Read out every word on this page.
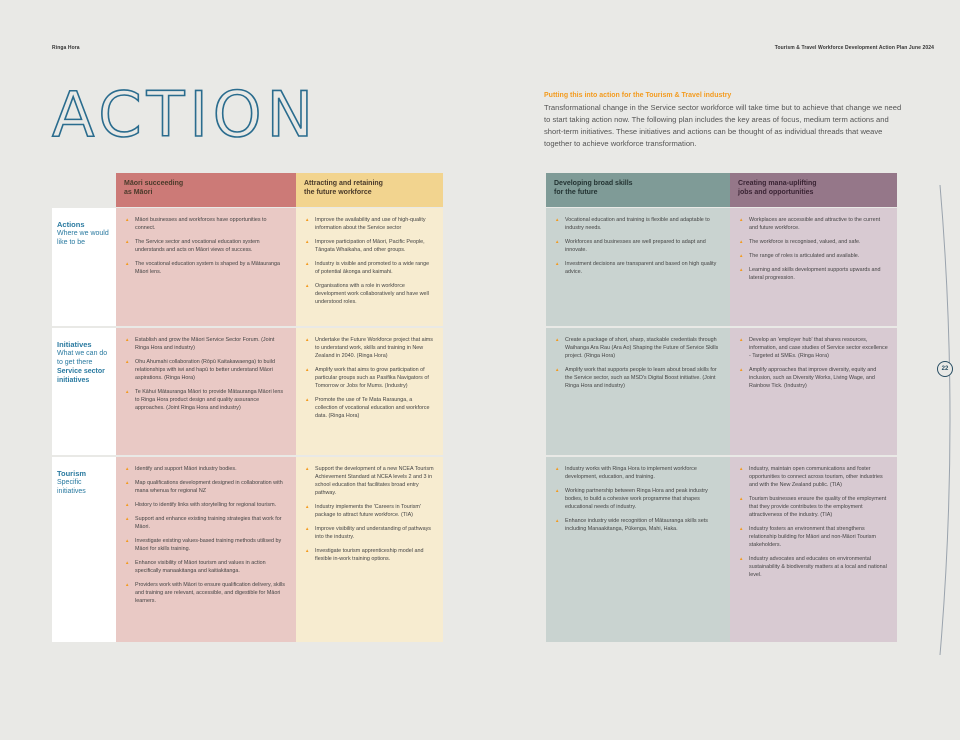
Ringa Hora	Tourism & Travel Workforce Development Action Plan June 2024
ACTION	Putting this into action for the Tourism & Travel industry

Transformational change in the Service sector workforce will take time but to achieve that change we need to start taking action now. The following plan includes the key areas of focus, medium term actions and short-term initiatives. These initiatives and actions can be thought of as individual threads that weave together to achieve workforce transformation.

22
Māori succeeding
as Māori
Attracting and retaining
the future workforce
Developing broad skills
for the future
Creating mana-uplifting
jobs and opportunities
Actions
Where we would like to be
Initiatives
What we can do to get there
Service sector initiatives
Tourism
Specific initiatives
▲ Māori businesses and workforces have opportunities to connect.
▲ The Service sector and vocational education system understands and acts on Māori views of success.
▲ The vocational education system is shaped by a Mātauranga Māori lens.
▲ Improve the availability and use of high-quality information about the Service sector
▲ Improve participation of Māori, Pacific People, Tāngata Whaikaha, and other groups.
▲ Industry is visible and promoted to a wide range of potential ākonga and kaimahi.
▲ Organisations with a role in workforce development work collaboratively and have well understood roles.
▲ Vocational education and training is flexible and adaptable to industry needs.
▲ Workforces and businesses are well prepared to adapt and innovate.
▲ Investment decisions are transparent and based on high quality advice.
▲ Workplaces are accessible and attractive to the current and future workforce.
▲ The workforce is recognised, valued, and safe.
▲ The range of roles is articulated and available.
▲ Learning and skills development supports upwards and lateral progression.
▲ Establish and grow the Māori Service Sector Forum. (Joint Ringa Hora and industry)
▲ Ohu Ahumahi collaboration (Rōpū Kaitakawaenga) to build relationships with iwi and hapū to better understand Māori aspirations. (Ringa Hora)
▲ Te Kāhui Mātauranga Māori to provide Mātauranga Māori lens to Ringa Hora product design and quality assurance approaches. (Joint Ringa Hora and industry)
▲ Undertake the Future Workforce project that aims to understand work, skills and training in New Zealand in 2040. (Ringa Hora)
▲ Amplify work that aims to grow participation of particular groups such as Pasifika Navigators of Tomorrow or Jobs for Mums. (Industry)
▲ Promote the use of Te Mata Raraunga, a collection of vocational education and workforce data. (Ringa Hora)
▲ Create a package of short, sharp, stackable credentials through Waihanga Ara Rau (Ara Ao) Shaping the Future of Service Skills project. (Ringa Hora)
▲ Amplify work that supports people to learn about broad skills for the Service sector, such as MSD's Digital Boost initiative. (Joint Ringa Hora and industry)
▲ Develop an 'employer hub' that shares resources, information, and case studies of Service sector excellence - Targeted at SMEs. (Ringa Hora)
▲ Amplify approaches that improve diversity, equity and inclusion, such as Diversity Works, Living Wage, and Rainbow Tick. (Industry)
▲ Identify and support Māori industry bodies.
▲ Map qualifications development designed in collaboration with mana whenua for regional NZ
▲ History to identify links with storytelling for regional tourism.
▲ Support and enhance existing training strategies that work for Māori.
▲ Investigate existing values-based training methods utilised by Māori for skills training.
▲ Enhance visibility of Māori tourism and values in action specifically manaakitanga and kaitiakitanga.
▲ Providers work with Māori to ensure qualification delivery, skills and training are relevant, accessible, and digestible for Māori learners.
▲ Support the development of a new NCEA Tourism Achievement Standard at NCEA levels 2 and 3 in school education that facilitates broad entry pathway.
▲ Industry implements the 'Careers in Tourism' package to attract future workforce. (TIA)
▲ Improve visibility and understanding of pathways into the industry.
▲ Investigate tourism apprenticeship model and flexible in-work training options.
▲ Industry works with Ringa Hora to implement workforce development, education, and training.
▲ Working partnership between Ringa Hora and peak industry bodies, to build a cohesive work programme that shapes educational needs of industry.
▲ Enhance industry wide recognition of Mātauranga skills sets including Manaakitanga, Pūkenga, Mahi, Haka.
▲ Industry, maintain open communications and foster opportunities to connect across tourism, other industries and with the New Zealand public. (TIA)
▲ Tourism businesses ensure the quality of the employment that they provide contributes to the employment attractiveness of the industry. (TIA)
▲ Industry fosters an environment that strengthens relationship building for Māori and non-Māori Tourism stakeholders.
▲ Industry advocates and educates on environmental sustainability & biodiversity matters at a local and national level.
